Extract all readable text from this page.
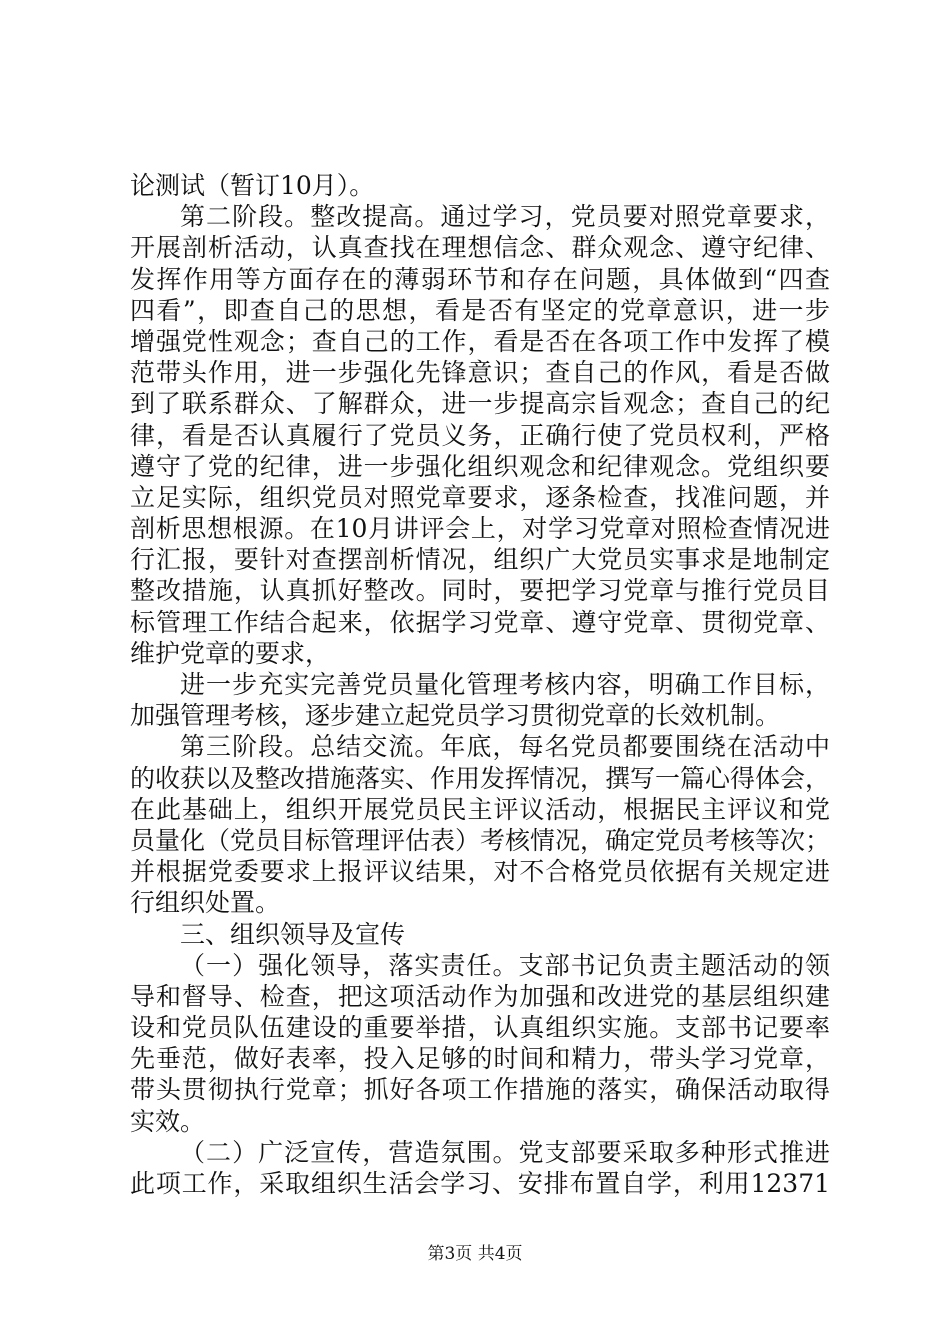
论测试（暂订10月）。
第二阶段。整改提高。通过学习，党员要对照党章要求，
开展剖析活动，认真查找在理想信念、群众观念、遵守纪律、
发挥作用等方面存在的薄弱环节和存在问题，具体做到“四查
四看”，即查自己的思想，看是否有坚定的党章意识，进一步
增强党性观念；查自己的工作，看是否在各项工作中发挥了模
范带头作用，进一步强化先锋意识；查自己的作风，看是否做
到了联系群众、了解群众，进一步提高宗旨观念；查自己的纪
律，看是否认真履行了党员义务，正确行使了党员权利，严格
遵守了党的纪律，进一步强化组织观念和纪律观念。党组织要
立足实际，组织党员对照党章要求，逐条检查，找准问题，并
剖析思想根源。在10月讲评会上，对学习党章对照检查情况进
行汇报，要针对查摆剖析情况，组织广大党员实事求是地制定
整改措施，认真抓好整改。同时，要把学习党章与推行党员目
标管理工作结合起来，依据学习党章、遵守党章、贯彻党章、
维护党章的要求，
进一步充实完善党员量化管理考核内容，明确工作目标，
加强管理考核，逐步建立起党员学习贯彻党章的长效机制。
第三阶段。总结交流。年底，每名党员都要围绕在活动中
的收获以及整改措施落实、作用发挥情况，撰写一篇心得体会，
在此基础上，组织开展党员民主评议活动，根据民主评议和党
员量化（党员目标管理评估表）考核情况，确定党员考核等次；
并根据党委要求上报评议结果，对不合格党员依据有关规定进
行组织处置。
三、组织领导及宣传
（一）强化领导，落实责任。支部书记负责主题活动的领
导和督导、检查，把这项活动作为加强和改进党的基层组织建
设和党员队伍建设的重要举措，认真组织实施。支部书记要率
先垂范，做好表率，投入足够的时间和精力，带头学习党章，
带头贯彻执行党章；抓好各项工作措施的落实，确保活动取得
实效。
（二）广泛宣传，营造氛围。党支部要采取多种形式推进
此项工作，采取组织生活会学习、安排布置自学，利用12371
第3页 共4页
